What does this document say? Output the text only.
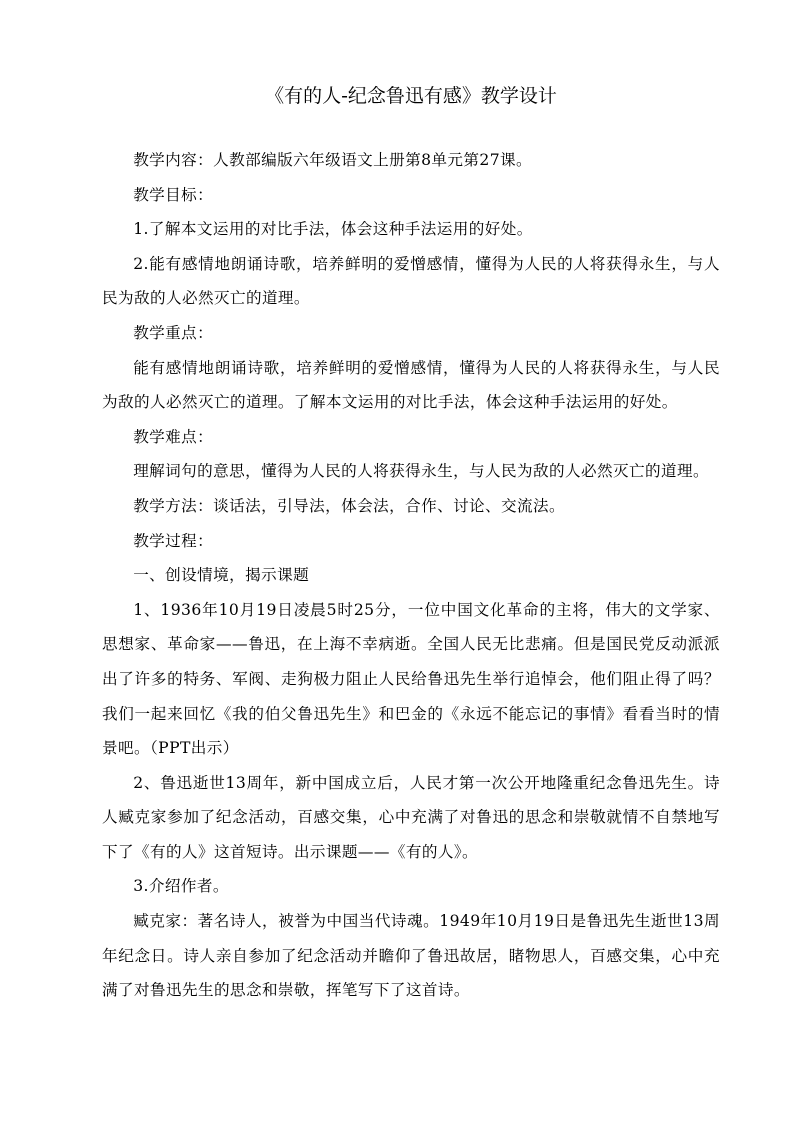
《有的人-纪念鲁迅有感》教学设计

教学内容：人教部编版六年级语文上册第8单元第27课。

教学目标：

1.了解本文运用的对比手法，体会这种手法运用的好处。

2.能有感情地朗诵诗歌，培养鲜明的爱憎感情，懂得为人民的人将获得永生，与人民为敌的人必然灭亡的道理。

教学重点：

能有感情地朗诵诗歌，培养鲜明的爱憎感情，懂得为人民的人将获得永生，与人民为敌的人必然灭亡的道理。了解本文运用的对比手法，体会这种手法运用的好处。

教学难点：

理解词句的意思，懂得为人民的人将获得永生，与人民为敌的人必然灭亡的道理。

教学方法：谈话法，引导法，体会法，合作、讨论、交流法。

教学过程：

一、创设情境，揭示课题

1、1936年10月19日凌晨5时25分，一位中国文化革命的主将，伟大的文学家、思想家、革命家——鲁迅，在上海不幸病逝。全国人民无比悲痛。但是国民党反动派派出了许多的特务、军阀、走狗极力阻止人民给鲁迅先生举行追悼会，他们阻止得了吗？我们一起来回忆《我的伯父鲁迅先生》和巴金的《永远不能忘记的事情》看看当时的情景吧。（PPT出示）

2、鲁迅逝世13周年，新中国成立后，人民才第一次公开地隆重纪念鲁迅先生。诗人臧克家参加了纪念活动，百感交集，心中充满了对鲁迅的思念和崇敬就情不自禁地写下了《有的人》这首短诗。出示课题——《有的人》。

3.介绍作者。

臧克家：著名诗人，被誉为中国当代诗魂。1949年10月19日是鲁迅先生逝世13周年纪念日。诗人亲自参加了纪念活动并瞻仰了鲁迅故居，睹物思人，百感交集，心中充满了对鲁迅先生的思念和崇敬，挥笔写下了这首诗。
